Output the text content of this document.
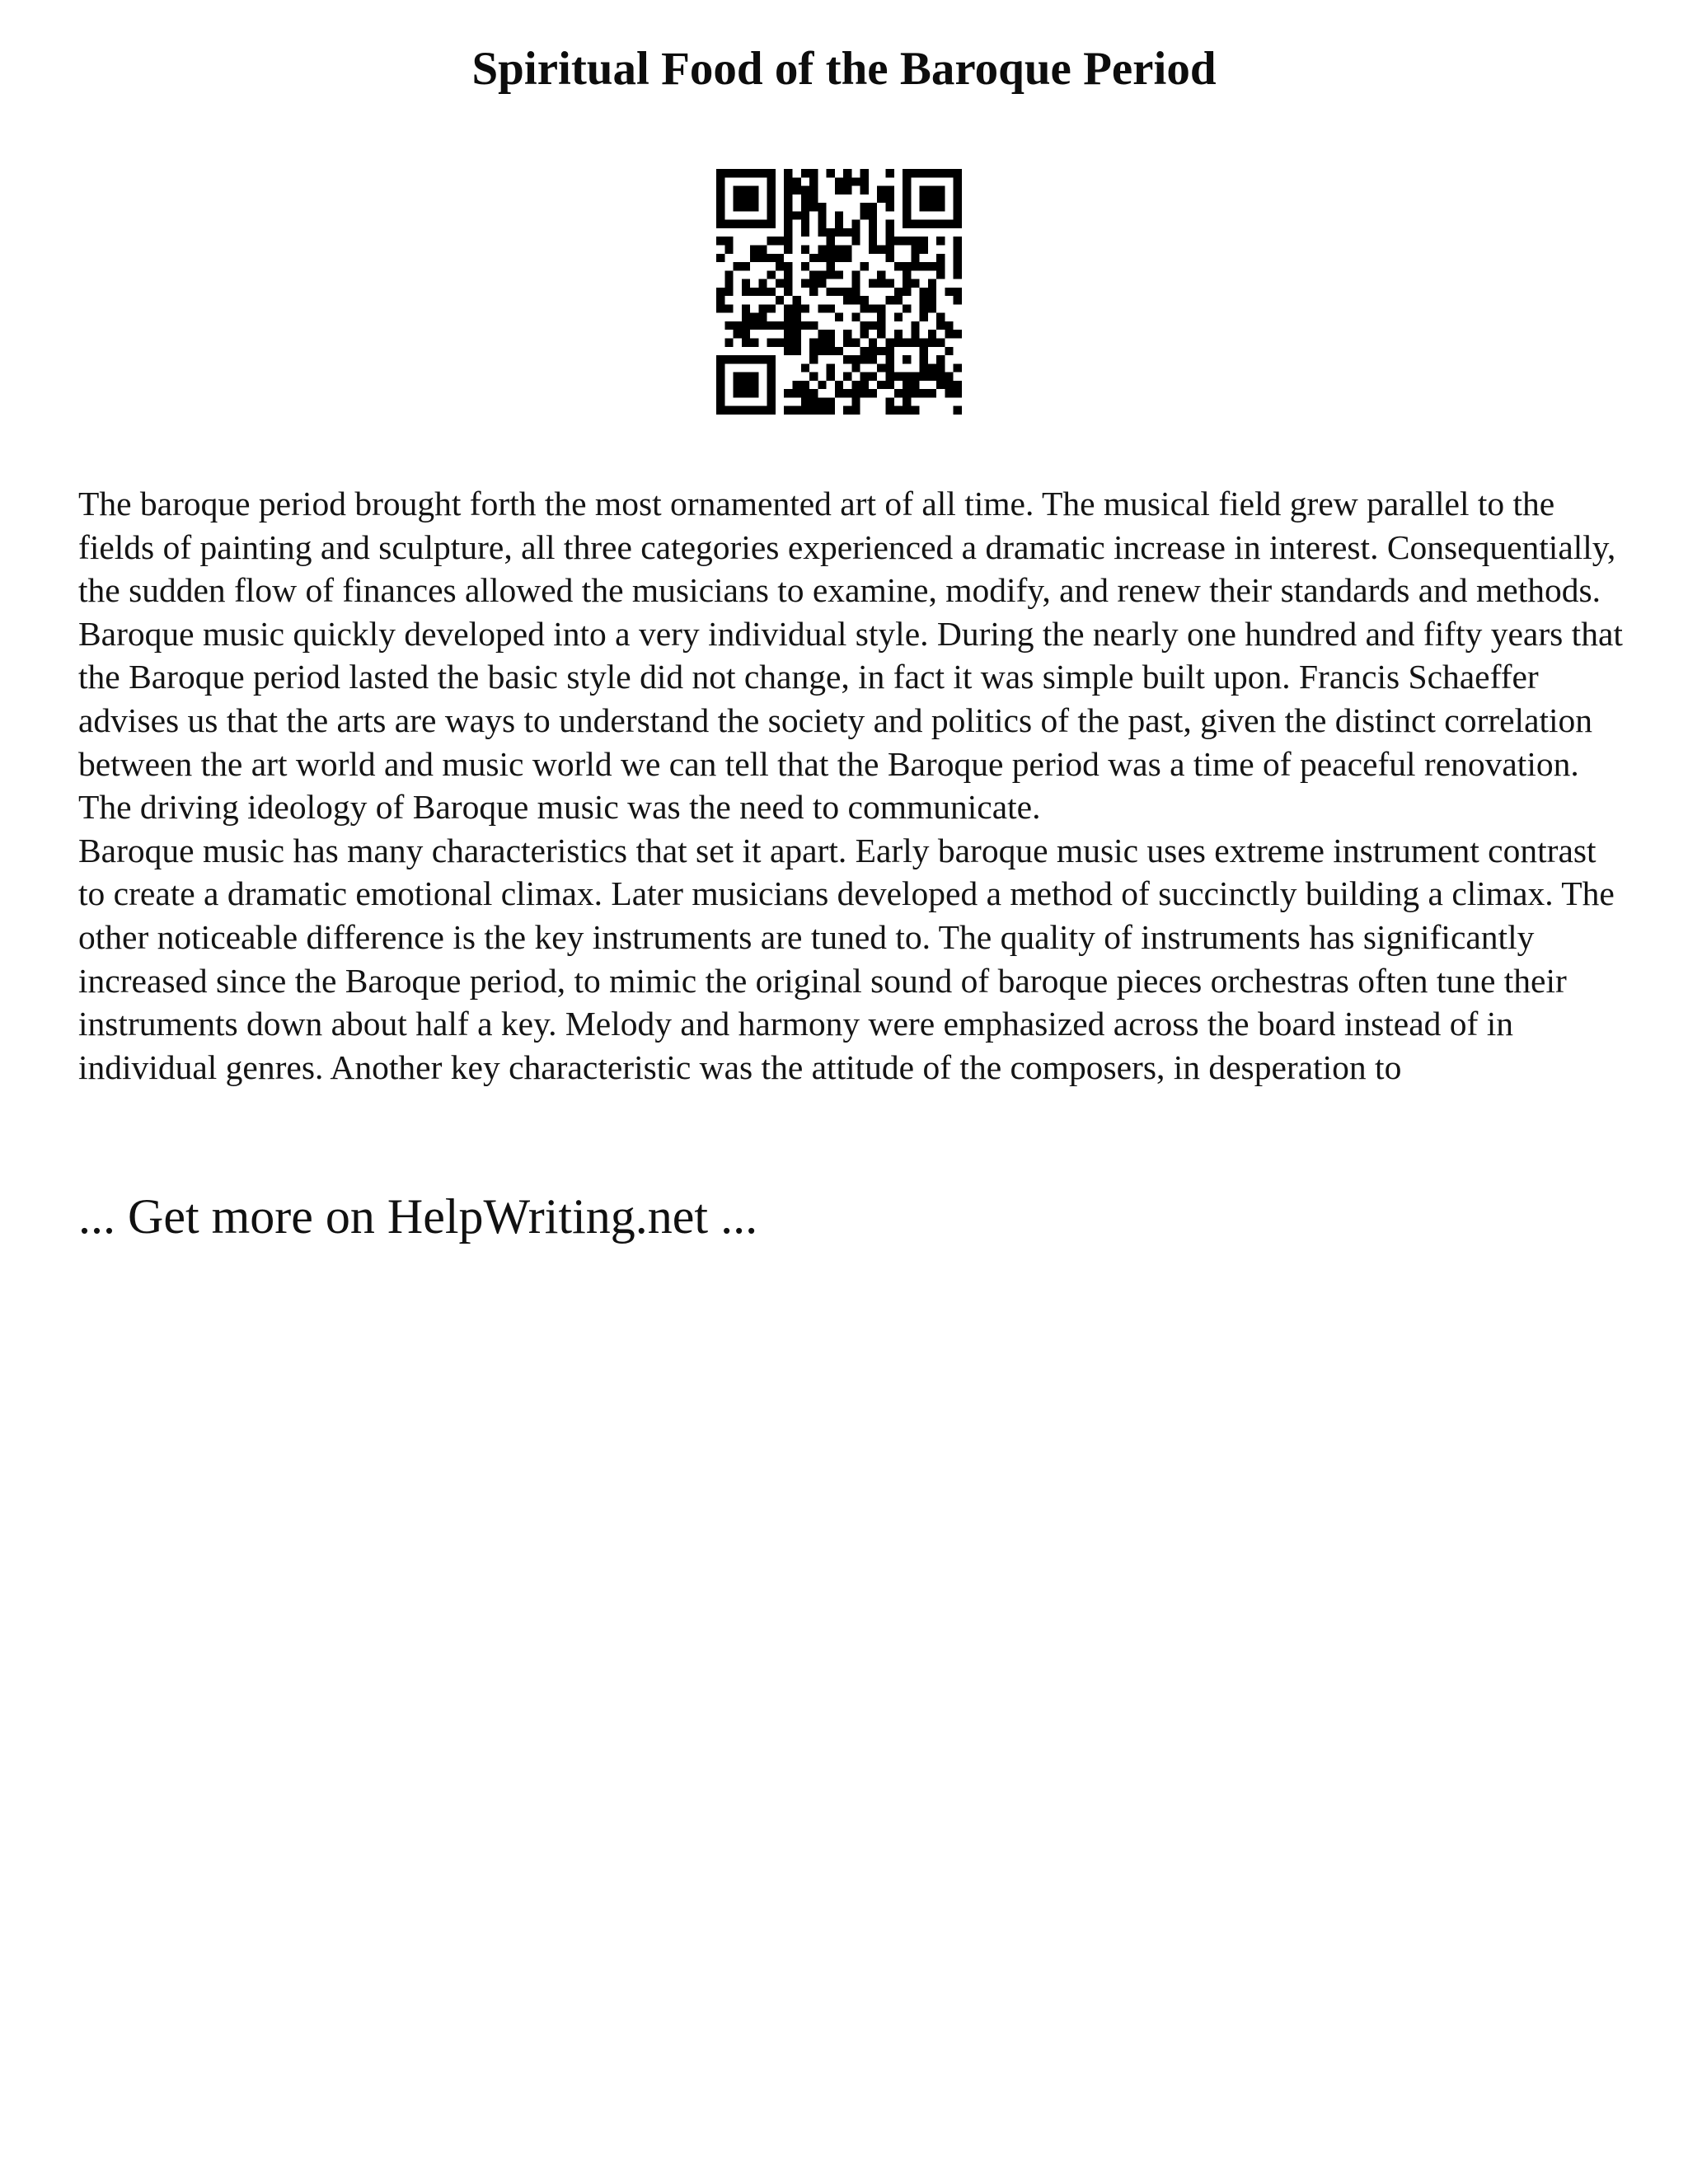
Spiritual Food of the Baroque Period

The baroque period brought forth the most ornamented art of all time. The musical field grew parallel to the fields of painting and sculpture, all three categories experienced a dramatic increase in interest. Consequentially, the sudden flow of finances allowed the musicians to examine, modify, and renew their standards and methods. Baroque music quickly developed into a very individual style. During the nearly one hundred and fifty years that the Baroque period lasted the basic style did not change, in fact it was simple built upon. Francis Schaeffer advises us that the arts are ways to understand the society and politics of the past, given the distinct correlation between the art world and music world we can tell that the Baroque period was a time of peaceful renovation. The driving ideology of Baroque music was the need to communicate.

Baroque music has many characteristics that set it apart. Early baroque music uses extreme instrument contrast to create a dramatic emotional climax. Later musicians developed a method of succinctly building a climax. The other noticeable difference is the key instruments are tuned to. The quality of instruments has significantly increased since the Baroque period, to mimic the original sound of baroque pieces orchestras often tune their instruments down about half a key. Melody and harmony were emphasized across the board instead of in individual genres. Another key characteristic was the attitude of the composers, in desperation to

... Get more on HelpWriting.net ...
